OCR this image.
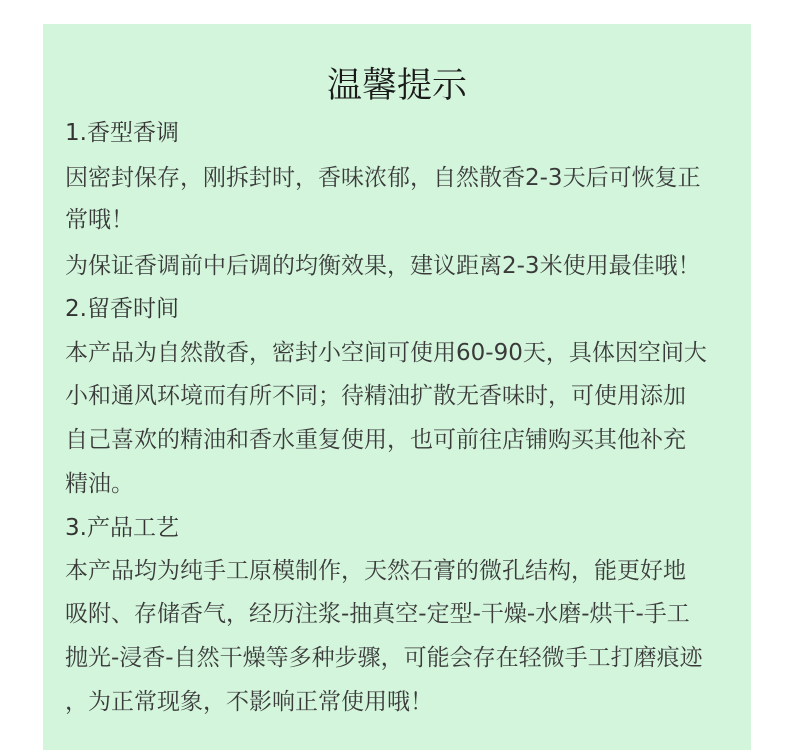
温馨提示

1.香型香调

因密封保存，刚拆封时，香味浓郁，自然散香2-3天后可恢复正

常哦！

为保证香调前中后调的均衡效果，建议距离2-3米使用最佳哦！

2.留香时间

本产品为自然散香，密封小空间可使用60-90天，具体因空间大

小和通风环境而有所不同；待精油扩散无香味时，可使用添加

自己喜欢的精油和香水重复使用，也可前往店铺购买其他补充

精油。

3.产品工艺

本产品均为纯手工原模制作，天然石膏的微孔结构，能更好地

吸附、存储香气，经历注浆-抽真空-定型-干燥-水磨-烘干-手工

抛光-浸香-自然干燥等多种步骤，可能会存在轻微手工打磨痕迹

，为正常现象，不影响正常使用哦！
